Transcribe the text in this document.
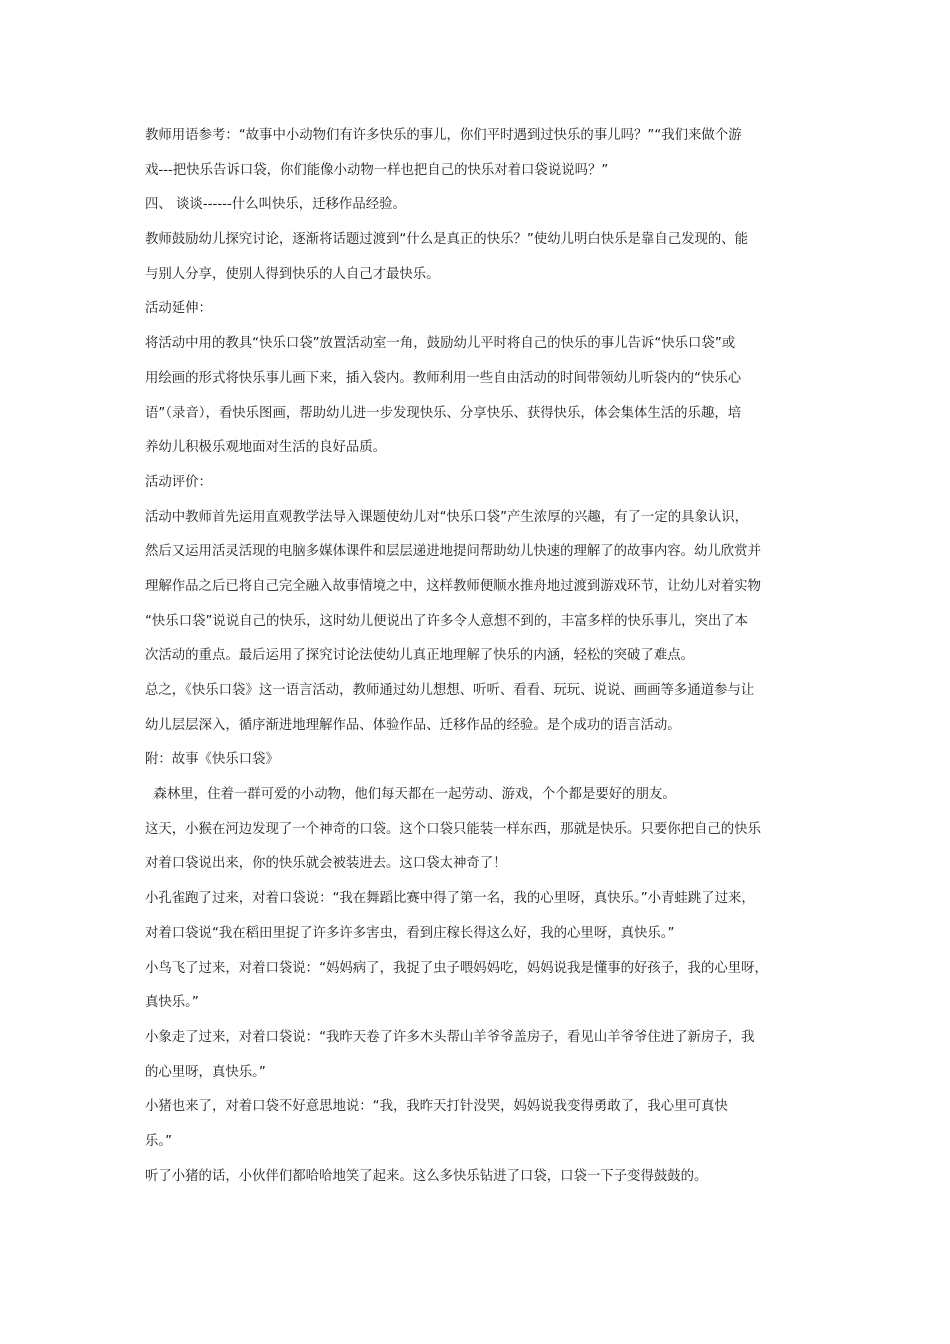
教师用语参考：“故事中小动物们有许多快乐的事儿，你们平时遇到过快乐的事儿吗？”“我们来做个游
戏---把快乐告诉口袋，你们能像小动物一样也把自己的快乐对着口袋说说吗？”
四、 谈谈------什么叫快乐，迁移作品经验。
教师鼓励幼儿探究讨论，逐渐将话题过渡到“什么是真正的快乐？”使幼儿明白快乐是靠自己发现的、能
与别人分享，使别人得到快乐的人自己才最快乐。
活动延伸：
将活动中用的教具“快乐口袋”放置活动室一角，鼓励幼儿平时将自己的快乐的事儿告诉“快乐口袋”或
用绘画的形式将快乐事儿画下来，插入袋内。教师利用一些自由活动的时间带领幼儿听袋内的“快乐心
语”（录音），看快乐图画，帮助幼儿进一步发现快乐、分享快乐、获得快乐，体会集体生活的乐趣，培
养幼儿积极乐观地面对生活的良好品质。
活动评价：
活动中教师首先运用直观教学法导入课题使幼儿对“快乐口袋”产生浓厚的兴趣，有了一定的具象认识，
然后又运用活灵活现的电脑多媒体课件和层层递进地提问帮助幼儿快速的理解了的故事内容。幼儿欣赏并
理解作品之后已将自己完全融入故事情境之中，这样教师便顺水推舟地过渡到游戏环节，让幼儿对着实物
“快乐口袋”说说自己的快乐，这时幼儿便说出了许多令人意想不到的，丰富多样的快乐事儿，突出了本
次活动的重点。最后运用了探究讨论法使幼儿真正地理解了快乐的内涵，轻松的突破了难点。
总之，《快乐口袋》这一语言活动，教师通过幼儿想想、听听、看看、玩玩、说说、画画等多通道参与让
幼儿层层深入，循序渐进地理解作品、体验作品、迁移作品的经验。是个成功的语言活动。
附：故事《快乐口袋》
森林里，住着一群可爱的小动物，他们每天都在一起劳动、游戏，个个都是要好的朋友。
这天，小猴在河边发现了一个神奇的口袋。这个口袋只能装一样东西，那就是快乐。只要你把自己的快乐
对着口袋说出来，你的快乐就会被装进去。这口袋太神奇了！
小孔雀跑了过来，对着口袋说：“我在舞蹈比赛中得了第一名，我的心里呀，真快乐。”小青蛙跳了过来，
对着口袋说“我在稻田里捉了许多许多害虫，看到庄稼长得这么好，我的心里呀，真快乐。”
小鸟飞了过来，对着口袋说：“妈妈病了，我捉了虫子喂妈妈吃，妈妈说我是懂事的好孩子，我的心里呀，
真快乐。”
小象走了过来，对着口袋说：“我昨天卷了许多木头帮山羊爷爷盖房子，看见山羊爷爷住进了新房子，我
的心里呀，真快乐。”
小猪也来了，对着口袋不好意思地说：“我，我昨天打针没哭，妈妈说我变得勇敢了，我心里可真快
乐。”
听了小猪的话，小伙伴们都哈哈地笑了起来。这么多快乐钻进了口袋，口袋一下子变得鼓鼓的。
